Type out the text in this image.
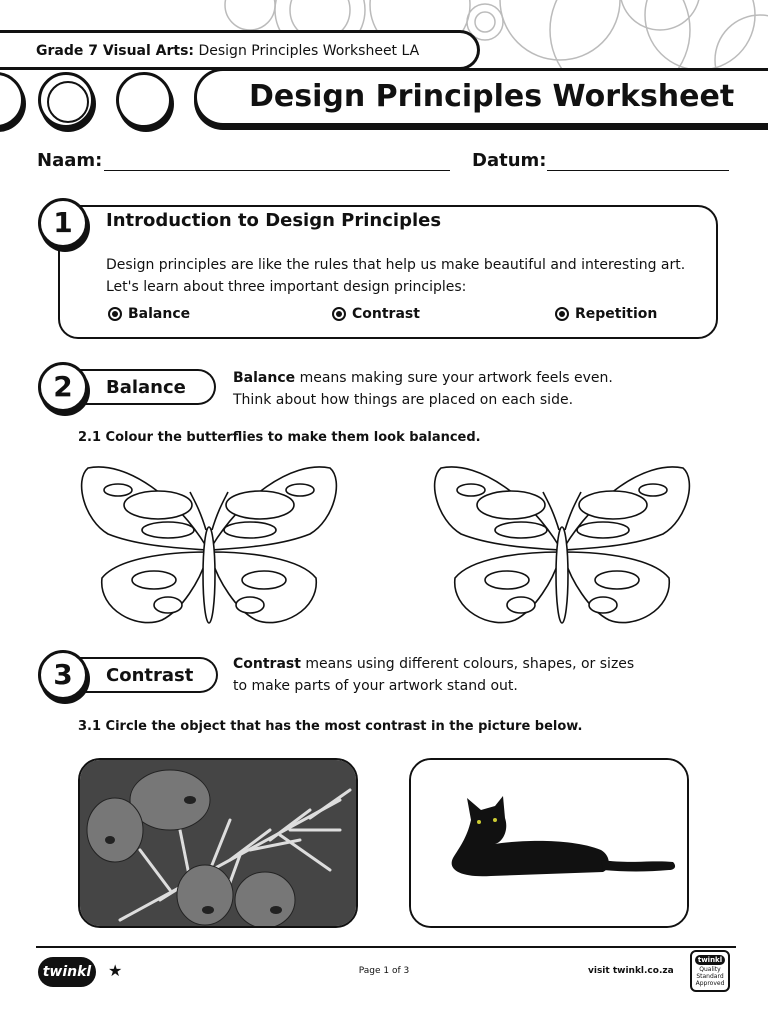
Grade 7 Visual Arts: Design Principles Worksheet LA
Design Principles Worksheet
Naam:	Datum:
1	Introduction to Design Principles
Design principles are like the rules that help us make beautiful and interesting art. Let's learn about three important design principles:
Balance	Contrast	Repetition
Balance
2	Balance means making sure your artwork feels even.
Think about how things are placed on each side.
2.1 Colour the butterflies to make them look balanced.
Contrast
3	Contrast means using different colours, shapes, or sizes
to make parts of your artwork stand out.
3.1 Circle the object that has the most contrast in the picture below.
twinkl ★	Page 1 of 3	visit twinkl.co.za
twinkl
Quality Standard Approved
